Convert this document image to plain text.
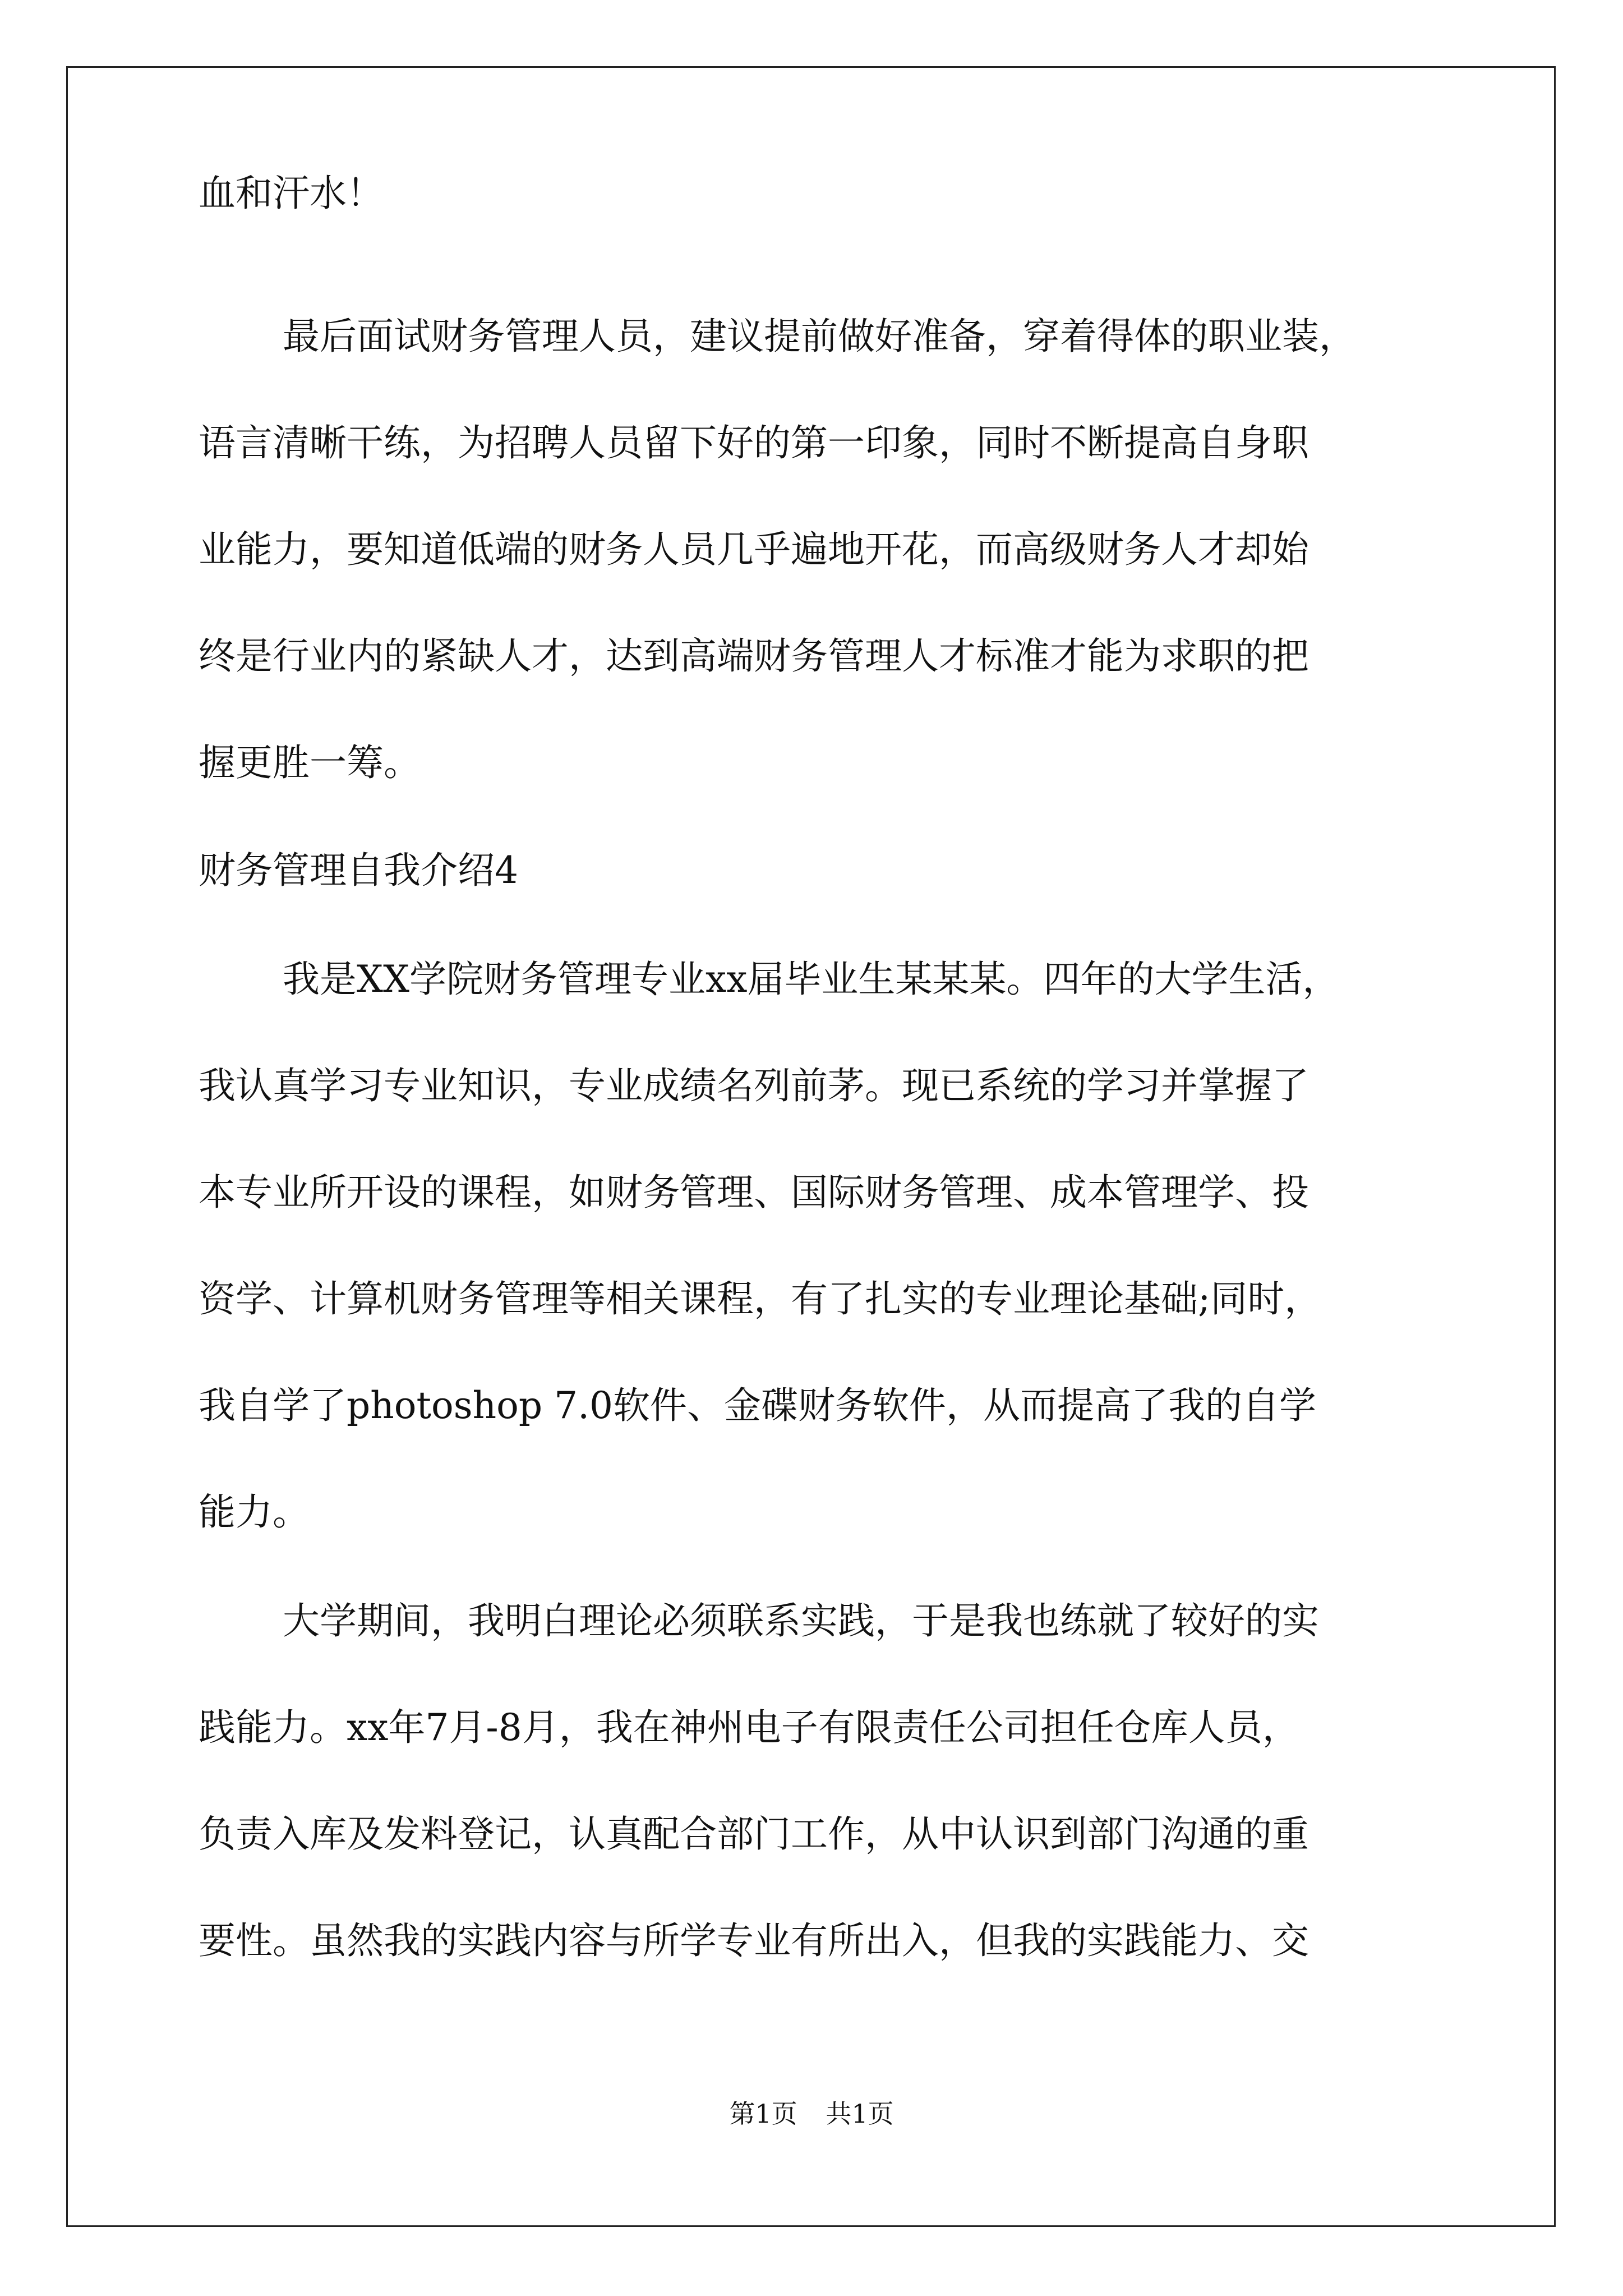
血和汗水！
最后面试财务管理人员，建议提前做好准备，穿着得体的职业装，
语言清晰干练，为招聘人员留下好的第一印象，同时不断提高自身职
业能力，要知道低端的财务人员几乎遍地开花，而高级财务人才却始
终是行业内的紧缺人才，达到高端财务管理人才标准才能为求职的把
握更胜一筹。
财务管理自我介绍4
我是XX学院财务管理专业xx届毕业生某某某。四年的大学生活，
我认真学习专业知识，专业成绩名列前茅。现已系统的学习并掌握了
本专业所开设的课程，如财务管理、国际财务管理、成本管理学、投
资学、计算机财务管理等相关课程，有了扎实的专业理论基础;同时，
我自学了photoshop 7.0软件、金碟财务软件，从而提高了我的自学
能力。
大学期间，我明白理论必须联系实践，于是我也练就了较好的实
践能力。xx年7月-8月，我在神州电子有限责任公司担任仓库人员，
负责入库及发料登记，认真配合部门工作，从中认识到部门沟通的重
要性。虽然我的实践内容与所学专业有所出入，但我的实践能力、交
第1页 共1页
